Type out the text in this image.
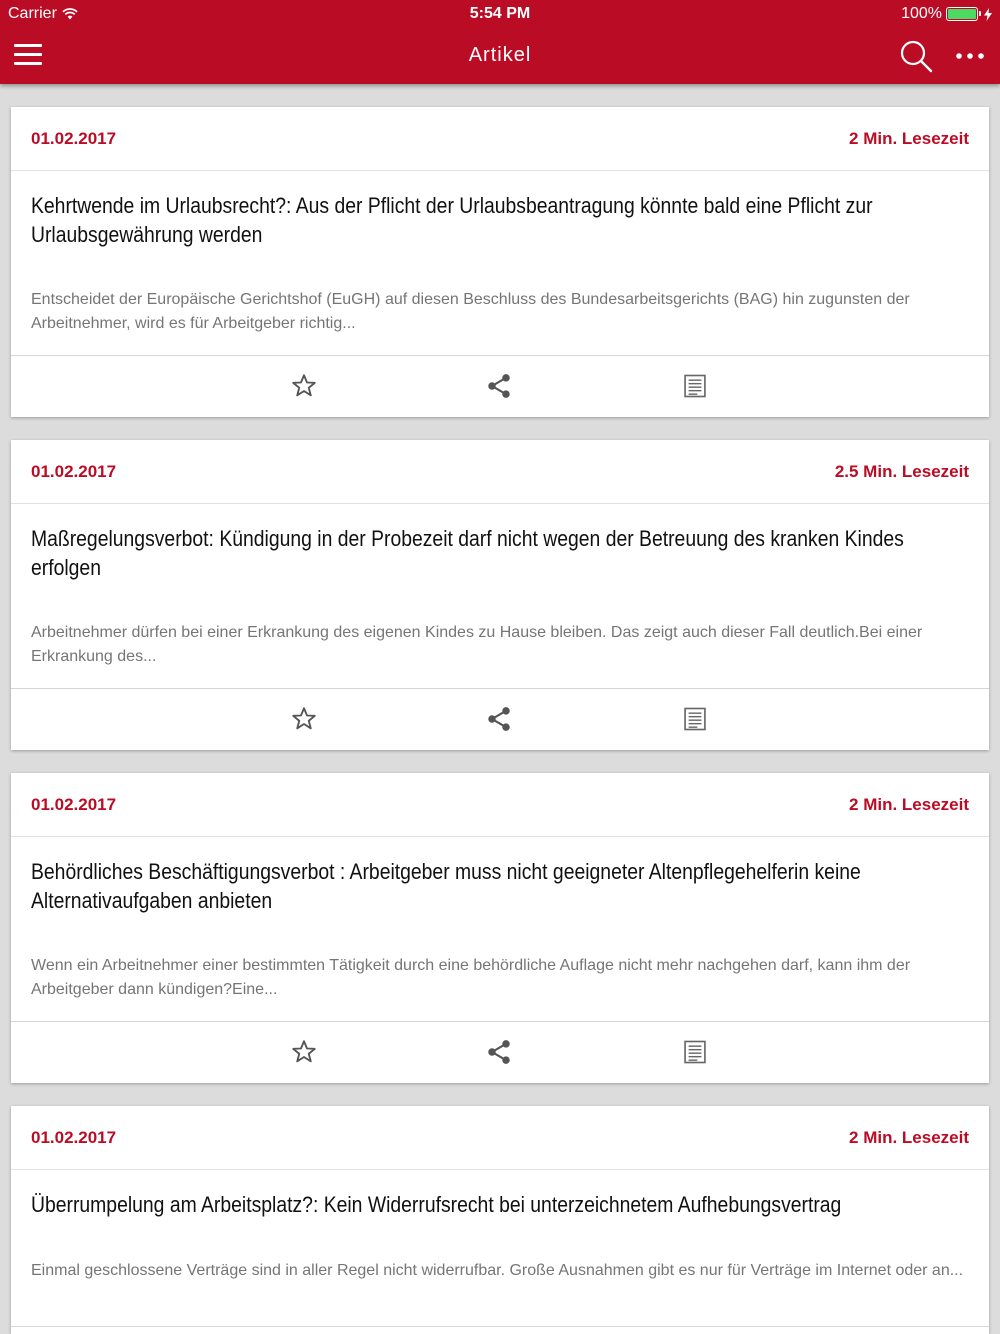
Carrier	5:54 PM	100%
Artikel
01.02.2017	2 Min. Lesezeit
Kehrtwende im Urlaubsrecht?: Aus der Pflicht der Urlaubsbeantragung könnte bald eine Pflicht zur Urlaubsgewährung werden
Entscheidet der Europäische Gerichtshof (EuGH) auf diesen Beschluss des Bundesarbeitsgerichts (BAG) hin zugunsten der Arbeitnehmer, wird es für Arbeitgeber richtig...
01.02.2017	2.5 Min. Lesezeit
Maßregelungsverbot: Kündigung in der Probezeit darf nicht wegen der Betreuung des kranken Kindes erfolgen
Arbeitnehmer dürfen bei einer Erkrankung des eigenen Kindes zu Hause bleiben. Das zeigt auch dieser Fall deutlich.Bei einer Erkrankung des...
01.02.2017	2 Min. Lesezeit
Behördliches Beschäftigungsverbot : Arbeitgeber muss nicht geeigneter Altenpflegehelferin keine Alternativaufgaben anbieten
Wenn ein Arbeitnehmer einer bestimmten Tätigkeit durch eine behördliche Auflage nicht mehr nachgehen darf, kann ihm der Arbeitgeber dann kündigen?Eine...
01.02.2017	2 Min. Lesezeit
Überrumpelung am Arbeitsplatz?: Kein Widerrufsrecht bei unterzeichnetem Aufhebungsvertrag
Einmal geschlossene Verträge sind in aller Regel nicht widerrufbar. Große Ausnahmen gibt es nur für Verträge im Internet oder an...
